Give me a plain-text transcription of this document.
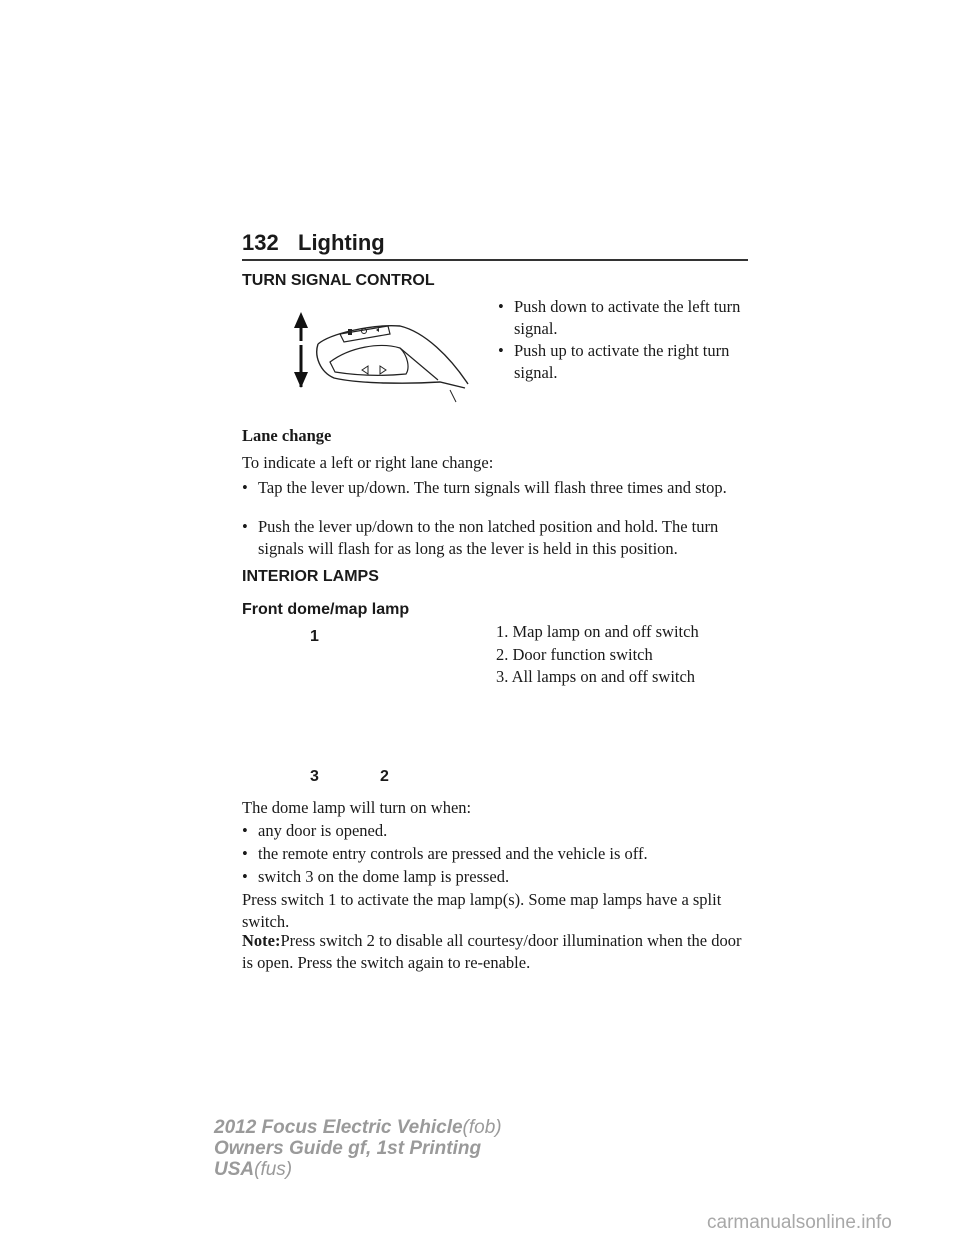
132 Lighting
TURN SIGNAL CONTROL
• Push down to activate the left turn signal.
• Push up to activate the right turn signal.
Lane change
To indicate a left or right lane change:
• Tap the lever up/down. The turn signals will flash three times and stop.
• Push the lever up/down to the non latched position and hold. The turn signals will flash for as long as the lever is held in this position.
INTERIOR LAMPS
Front dome/map lamp
1
3	2
1. Map lamp on and off switch
2. Door function switch
3. All lamps on and off switch
The dome lamp will turn on when:
• any door is opened.
• the remote entry controls are pressed and the vehicle is off.
• switch 3 on the dome lamp is pressed.
Press switch 1 to activate the map lamp(s). Some map lamps have a split switch.
Note:Press switch 2 to disable all courtesy/door illumination when the door is open. Press the switch again to re-enable.
2012 Focus Electric Vehicle(fob)
Owners Guide gf, 1st Printing
USA(fus)
carmanualsonline.info
